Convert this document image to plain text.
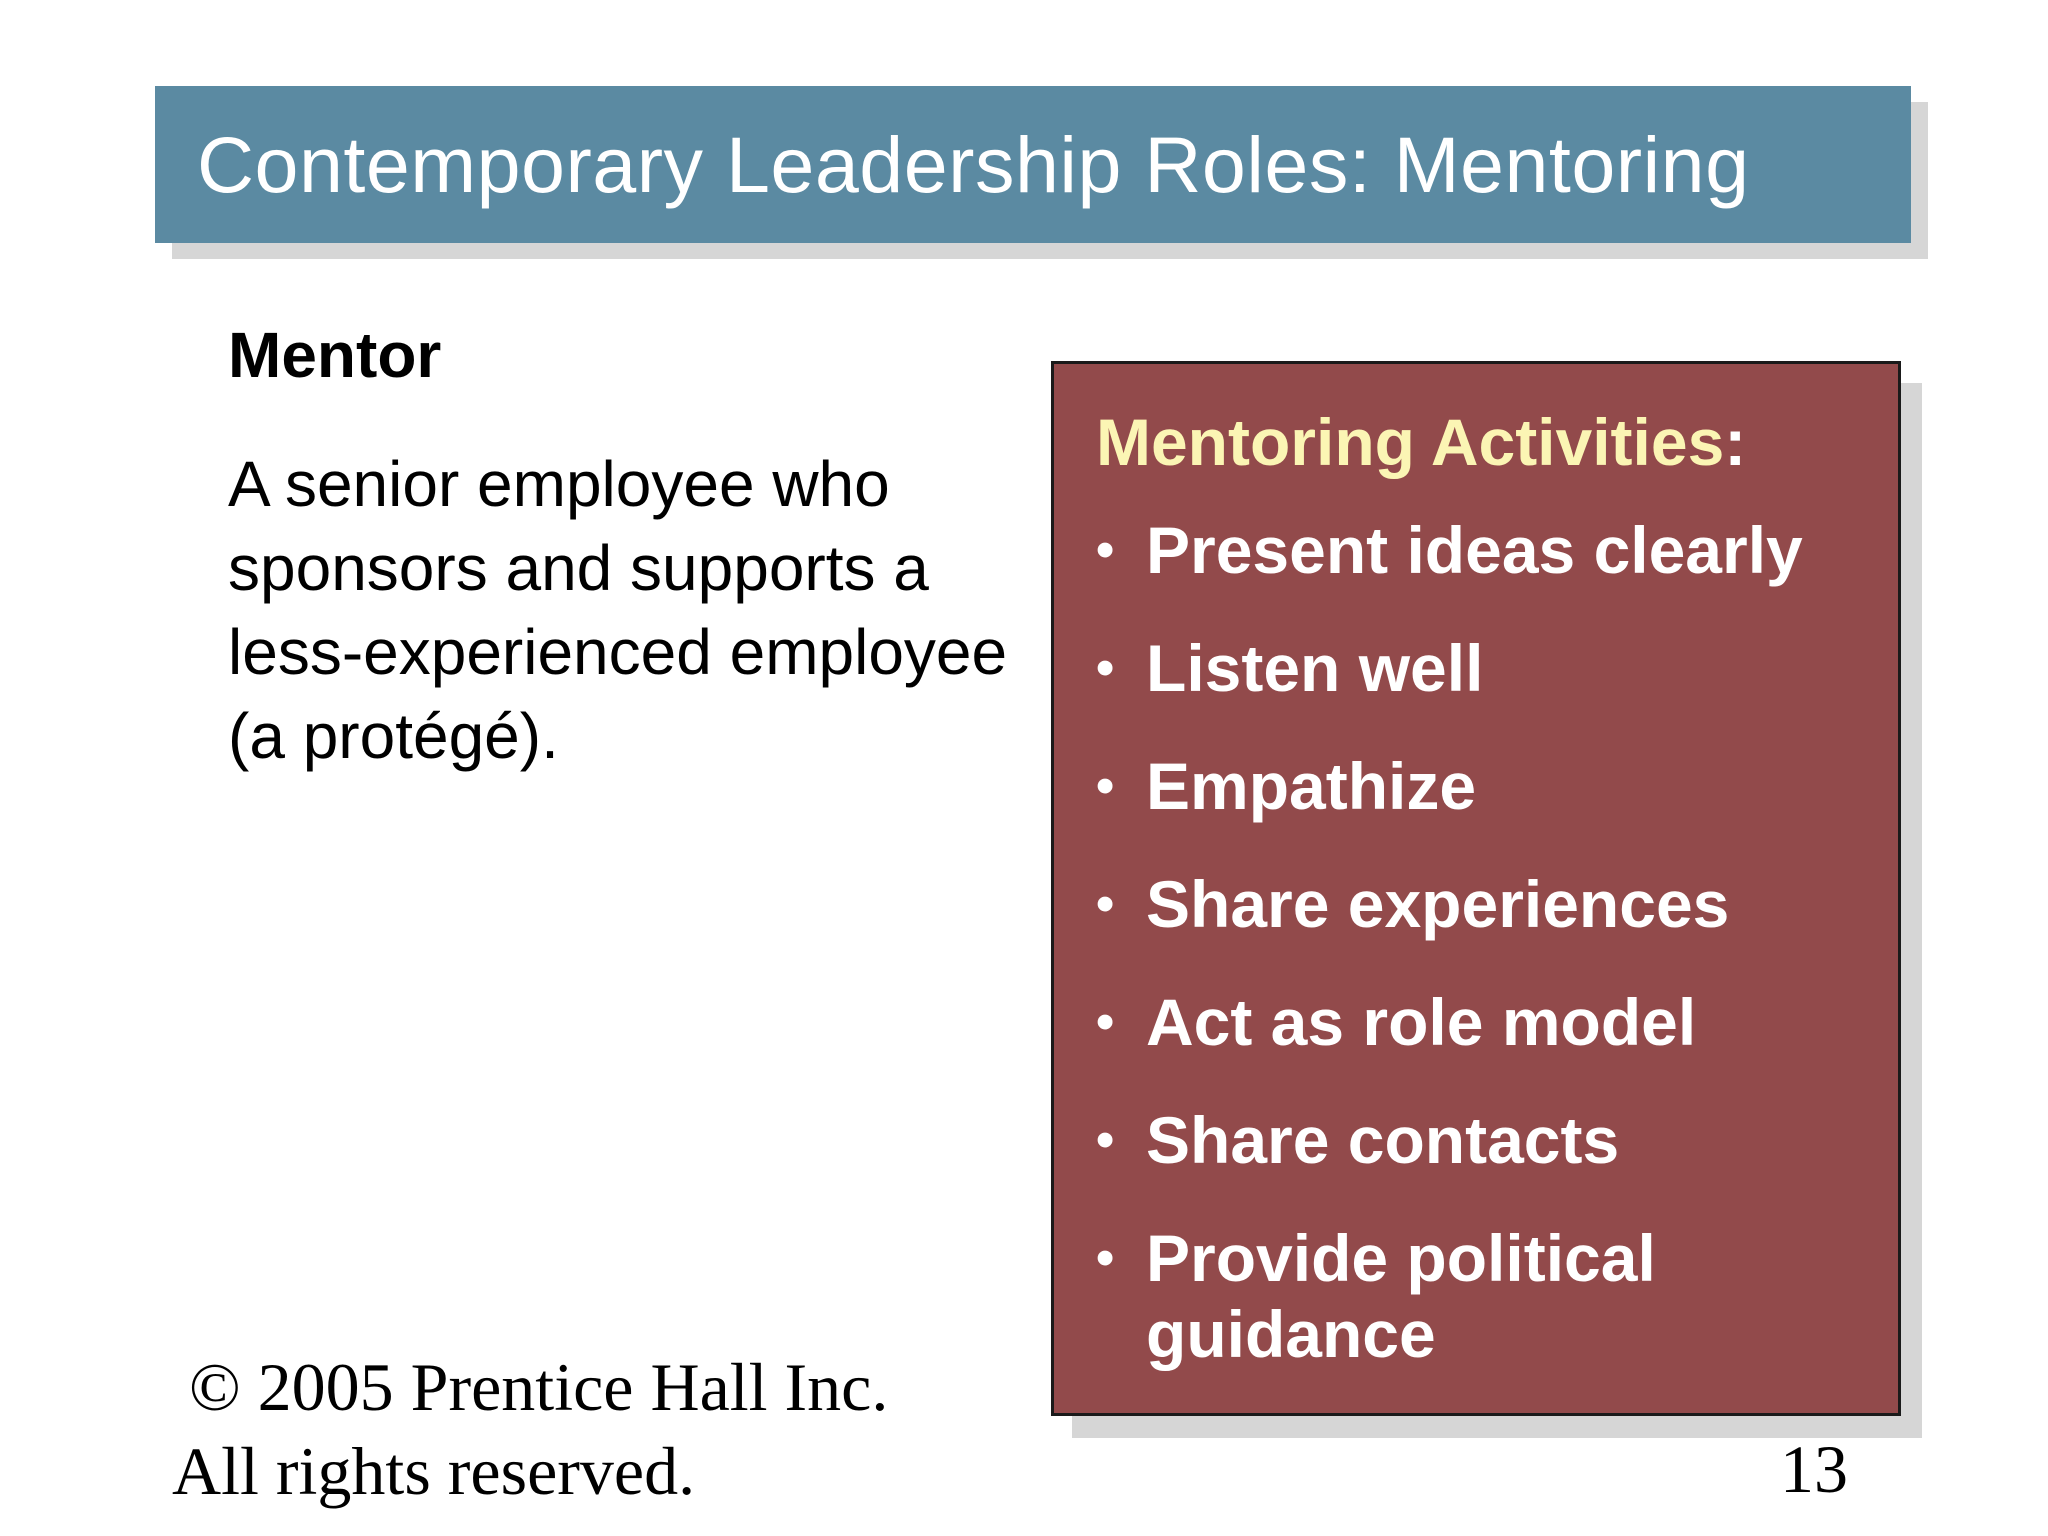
Contemporary Leadership Roles: Mentoring
Mentor
A senior employee who sponsors and supports a less-experienced employee (a protégé).
Mentoring Activities:
• Present ideas clearly
• Listen well
• Empathize
• Share experiences
• Act as role model
• Share contacts
• Provide political guidance
© 2005 Prentice Hall Inc.
All rights reserved.	13
